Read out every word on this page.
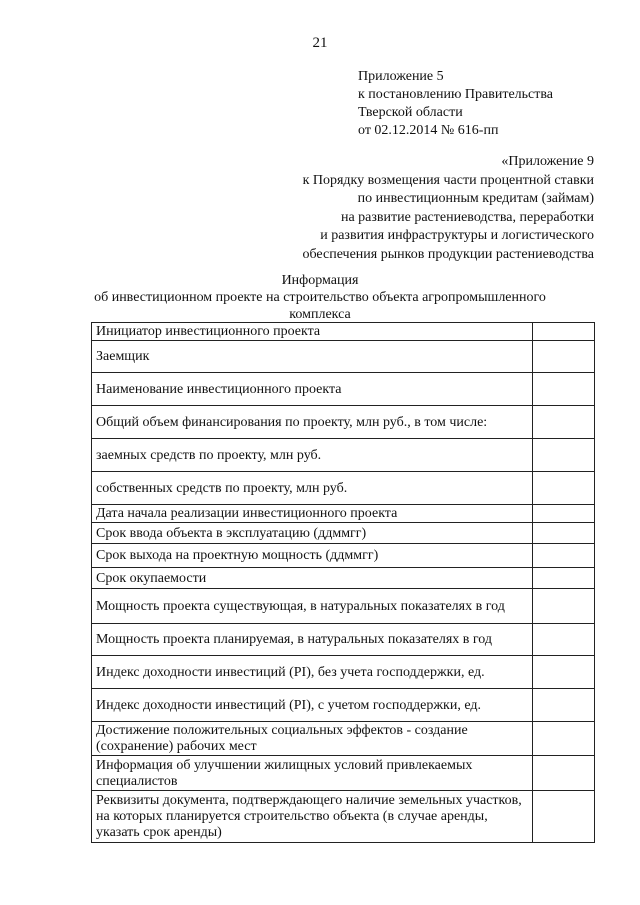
21
Приложение 5
к постановлению Правительства
Тверской области
от 02.12.2014 № 616-пп
«Приложение 9
к Порядку возмещения части процентной ставки
по инвестиционным кредитам (займам)
на развитие растениеводства, переработки
и развития инфраструктуры и логистического
обеспечения рынков продукции растениеводства
Информация
об инвестиционном проекте на строительство объекта агропромышленного
комплекса
Инициатор инвестиционного проекта	
Заемщик	
Наименование инвестиционного проекта	
Общий объем финансирования по проекту, млн руб., в том числе:	
заемных средств по проекту, млн руб.	
собственных средств по проекту, млн руб.	
Дата начала реализации инвестиционного проекта	
Срок ввода объекта в эксплуатацию (ддммгг)	
Срок выхода на проектную мощность (ддммгг)	
Срок окупаемости	
Мощность проекта существующая, в натуральных показателях в год	
Мощность проекта планируемая, в натуральных показателях в год	
Индекс доходности инвестиций (PI), без учета господдержки, ед.	
Индекс доходности инвестиций (PI), с учетом господдержки, ед.	
Достижение положительных социальных эффектов - создание (сохранение) рабочих мест	
Информация об улучшении жилищных условий привлекаемых специалистов	
Реквизиты документа, подтверждающего наличие земельных участков, на которых планируется строительство объекта (в случае аренды, указать срок аренды)	
